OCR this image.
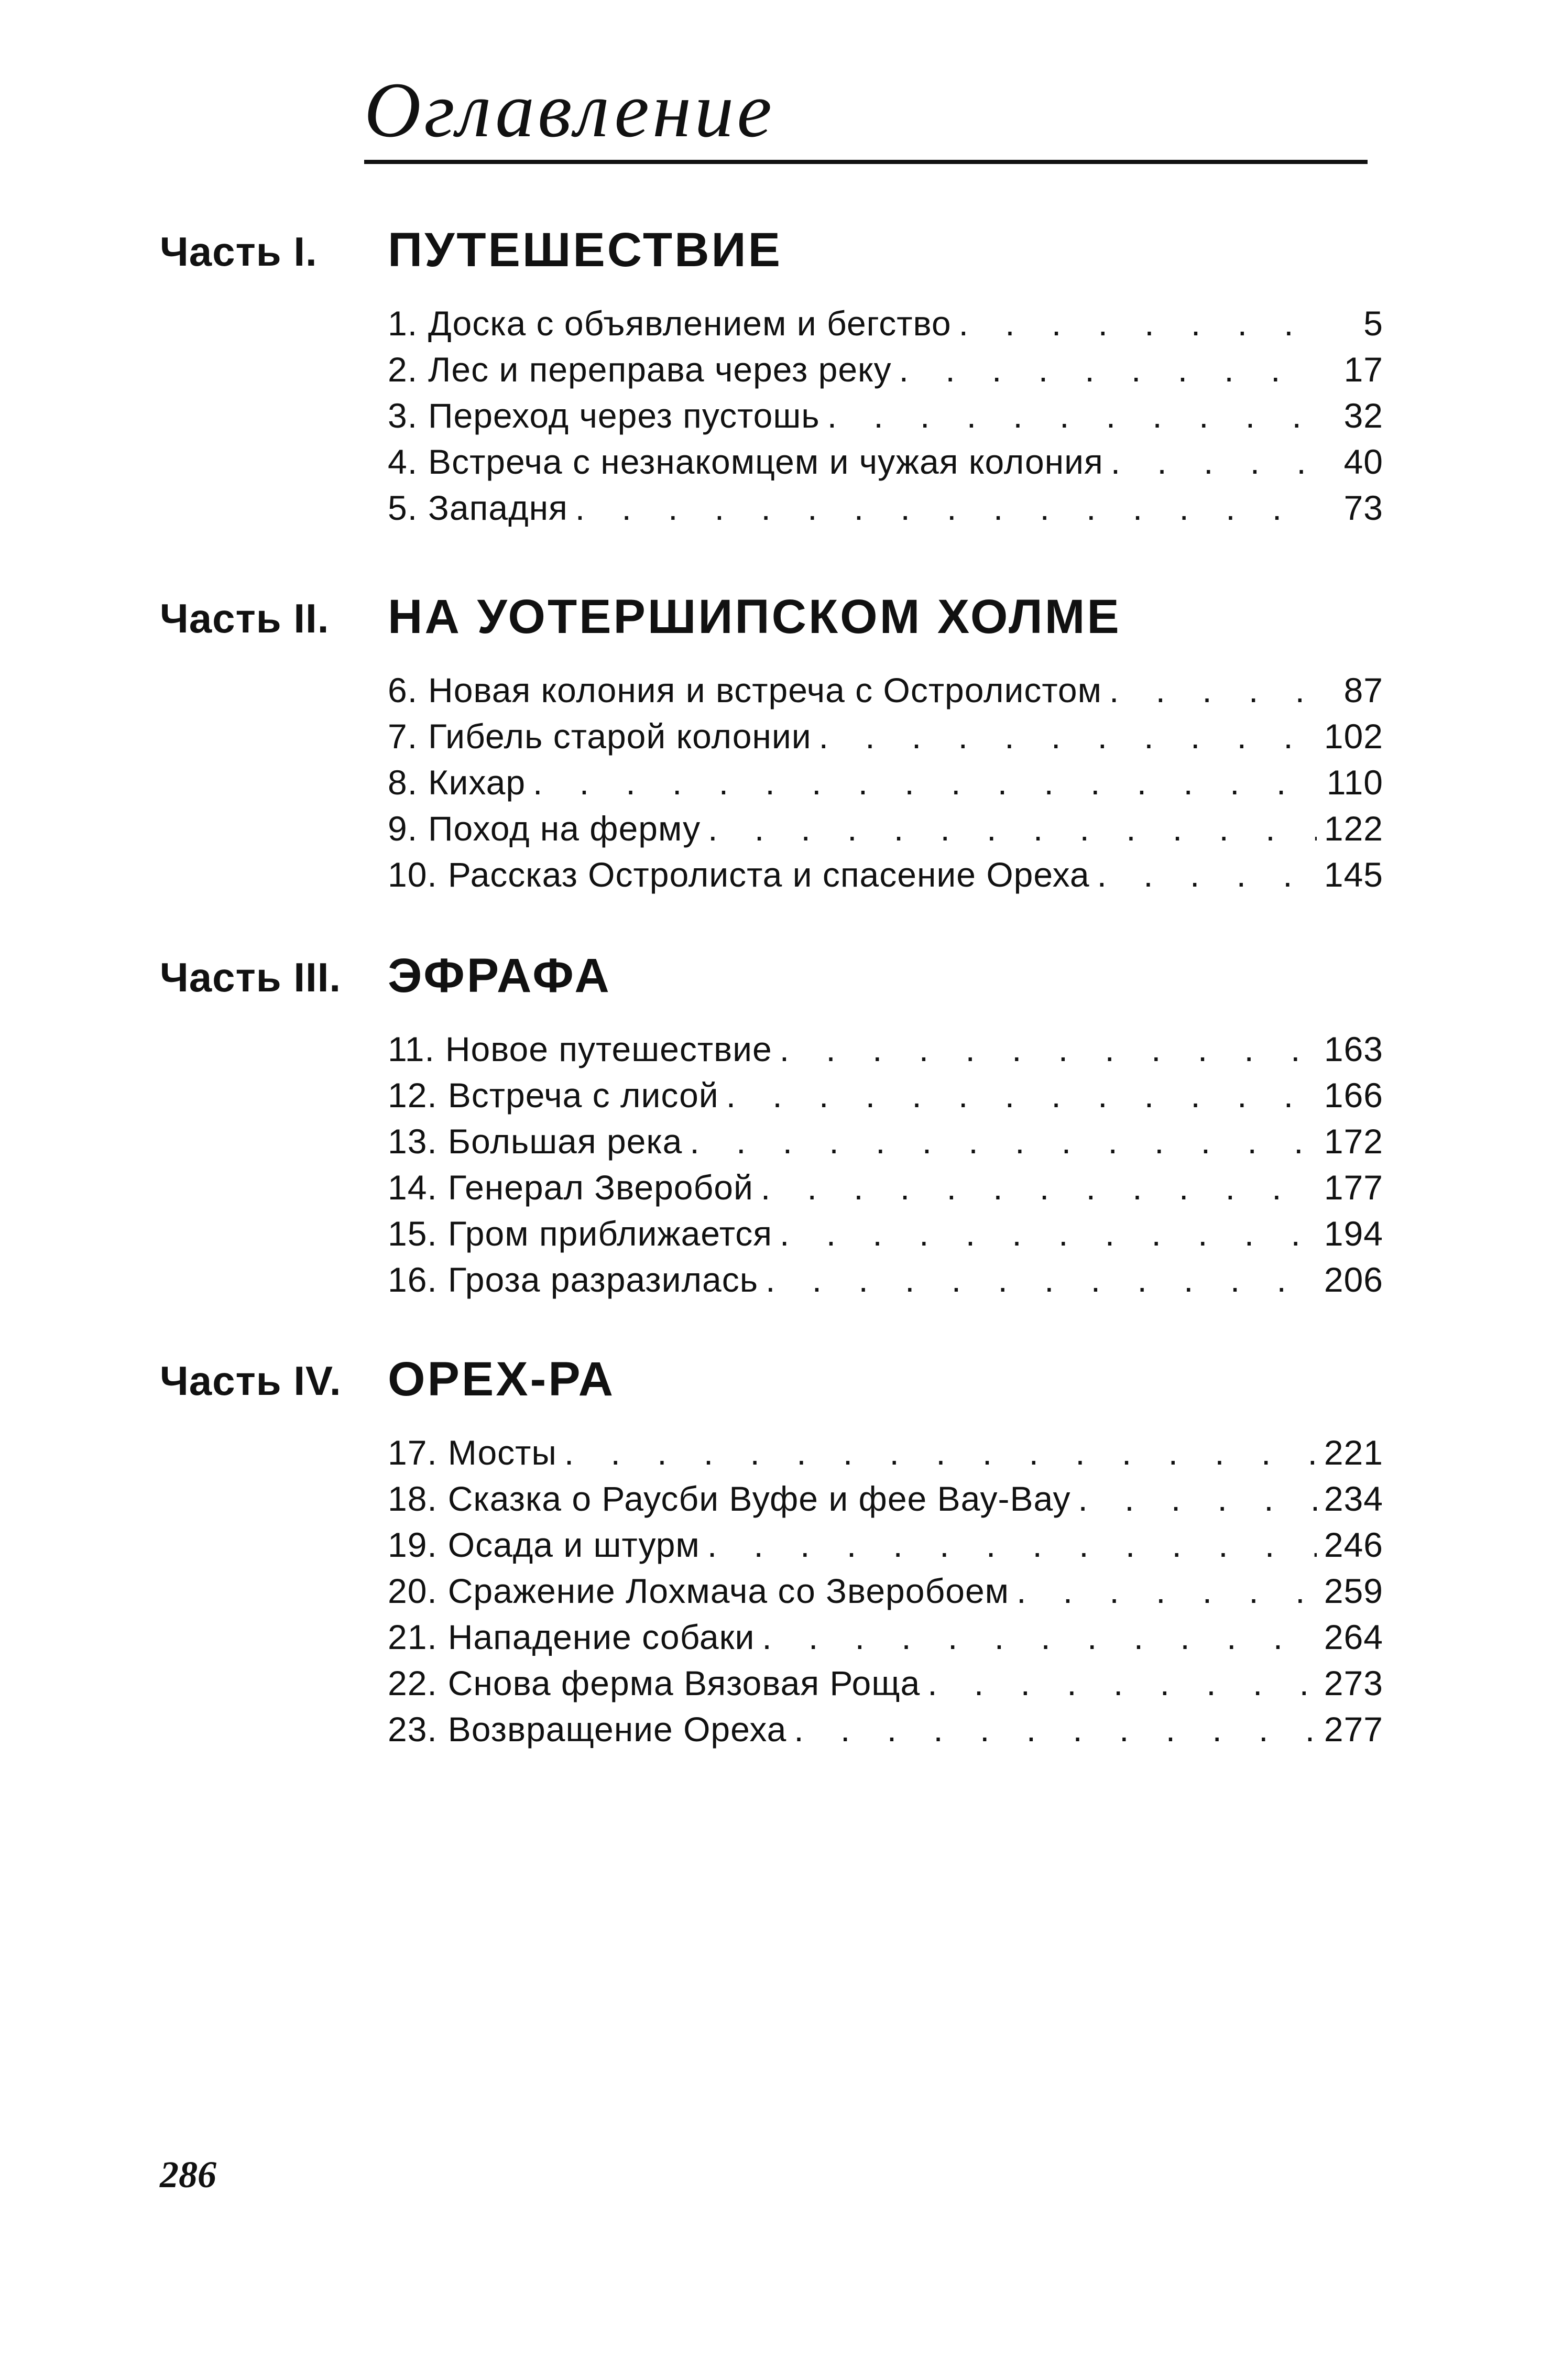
Оглавление
Часть I. ПУТЕШЕСТВИЕ
1. Доска с объявлением и бегство . . .	5
2. Лес и переправа через реку . . .	17
3. Переход через пустошь . . .	32
4. Встреча с незнакомцем и чужая колония . . .	40
5. Западня . . .	73
Часть II. НА УОТЕРШИПСКОМ ХОЛМЕ
6. Новая колония и встреча с Остролистом . . .	87
7. Гибель старой колонии . . .	102
8. Кихар . . .	110
9. Поход на ферму . . .	122
10. Рассказ Остролиста и спасение Ореха . . .	145
Часть III. ЭФРАФА
11. Новое путешествие . . .	163
12. Встреча с лисой . . .	166
13. Большая река . . .	172
14. Генерал Зверобой . . .	177
15. Гром приближается . . .	194
16. Гроза разразилась . . .	206
Часть IV. ОРЕХ-РА
17. Мосты . . .	221
18. Сказка о Раусби Вуфе и фее Вау-Вау . . .	234
19. Осада и штурм . . .	246
20. Сражение Лохмача со Зверобоем . . .	259
21. Нападение собаки . . .	264
22. Снова ферма Вязовая Роща . . .	273
23. Возвращение Ореха . . .	277
286
